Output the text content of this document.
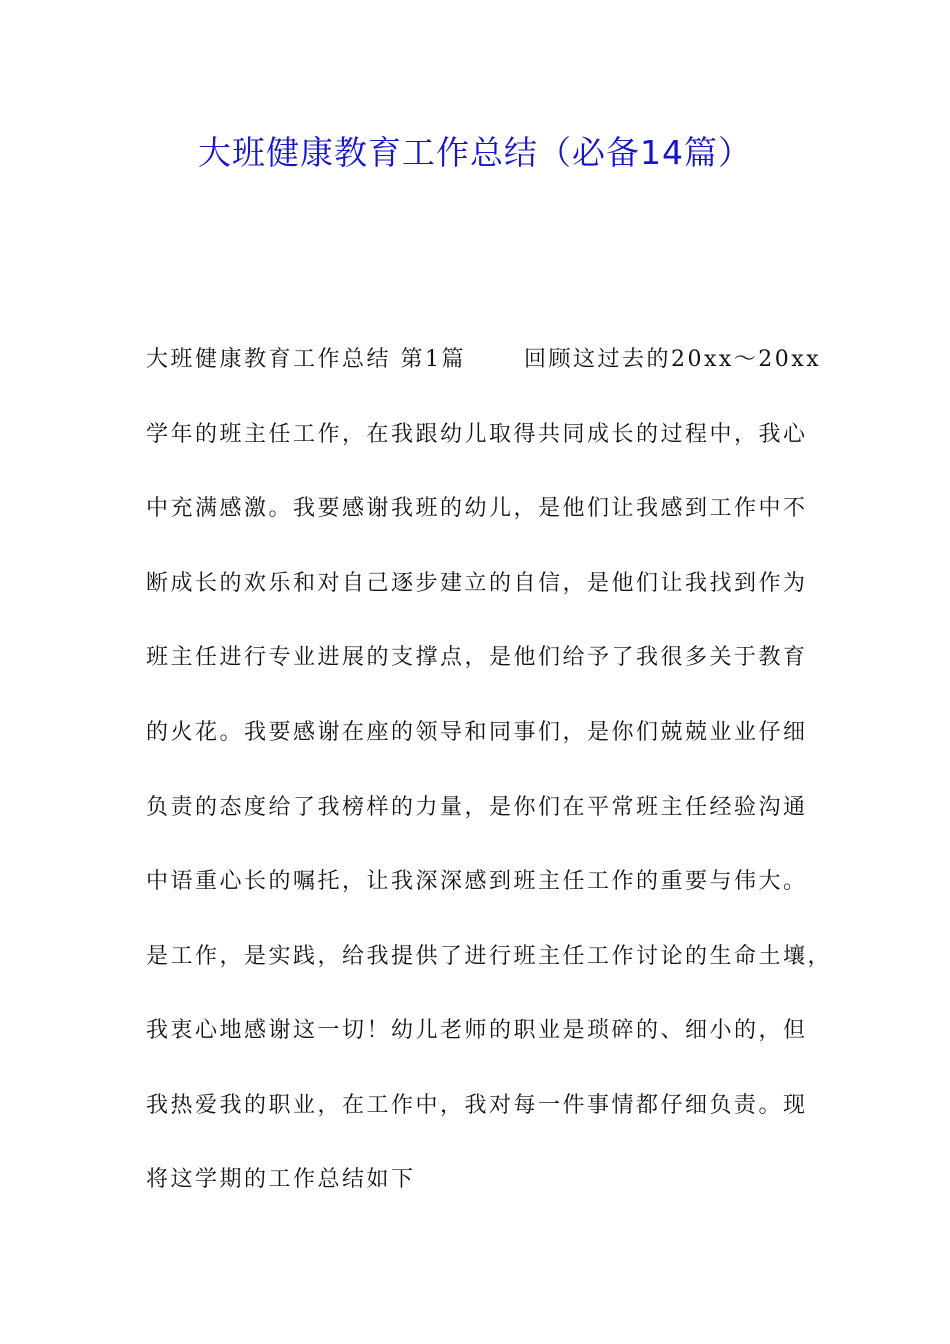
大班健康教育工作总结（必备14篇）
大班健康教育工作总结 第1篇	回顾这过去的20xx～20xx
学年的班主任工作，在我跟幼儿取得共同成长的过程中，我心
中充满感激。我要感谢我班的幼儿，是他们让我感到工作中不
断成长的欢乐和对自己逐步建立的自信，是他们让我找到作为
班主任进行专业进展的支撑点，是他们给予了我很多关于教育
的火花。我要感谢在座的领导和同事们，是你们兢兢业业仔细
负责的态度给了我榜样的力量，是你们在平常班主任经验沟通
中语重心长的嘱托，让我深深感到班主任工作的重要与伟大。
是工作，是实践，给我提供了进行班主任工作讨论的生命土壤，
我衷心地感谢这一切！幼儿老师的职业是琐碎的、细小的，但
我热爱我的职业，在工作中，我对每一件事情都仔细负责。现
将这学期的工作总结如下
